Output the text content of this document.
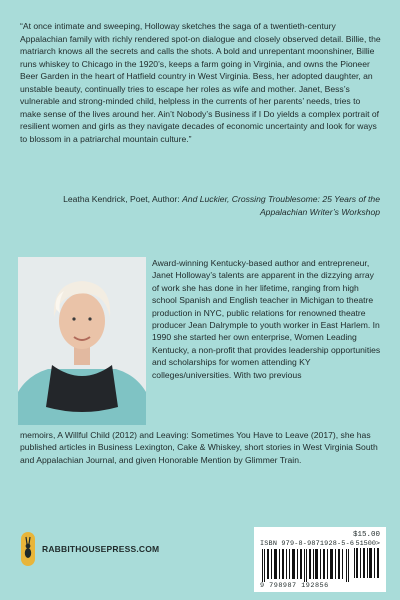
“At once intimate and sweeping, Holloway sketches the saga of a twentieth-century Appalachian family with richly rendered spot-on dialogue and closely observed detail. Billie, the matriarch knows all the secrets and calls the shots. A bold and unrepentant moonshiner, Billie runs whiskey to Chicago in the 1920’s, keeps a farm going in Virginia, and owns the Pioneer Beer Garden in the heart of Hatfield country in West Virginia. Bess, her adopted daughter, an unstable beauty, continually tries to escape her roles as wife and mother. Janet, Bess’s vulnerable and strong-minded child, helpless in the currents of her parents’ needs, tries to make sense of the lives around her. Ain’t Nobody’s Business if I Do yields a complex portrait of resilient women and girls as they navigate decades of economic uncertainty and look for ways to blossom in a patriarchal mountain culture.”

Leatha Kendrick, Poet, Author: And Luckier, Crossing Troublesome: 25 Years of the Appalachian Writer’s Workshop

Award-winning Kentucky-based author and entrepreneur, Janet Holloway’s talents are apparent in the dizzying array of work she has done in her lifetime, ranging from high school Spanish and English teacher in Michigan to theatre production in NYC, public relations for renowned theatre producer Jean Dalrymple to youth worker in East Harlem. In 1990 she started her own enterprise, Women Leading Kentucky, a non-profit that provides leadership opportunities and scholarships for women attending KY colleges/universities. With two previous

memoirs, A Willful Child (2012) and Leaving: Sometimes You Have to Leave (2017), she has published articles in Business Lexington, Cake & Whiskey, short stories in West Virginia South and Appalachian Journal, and given Honorable Mention by Glimmer Train.

RABBITHOUSEPRESS.COM
$15.00
ISBN 979-8-9871928-5-6 51500>
9 798987 192856
